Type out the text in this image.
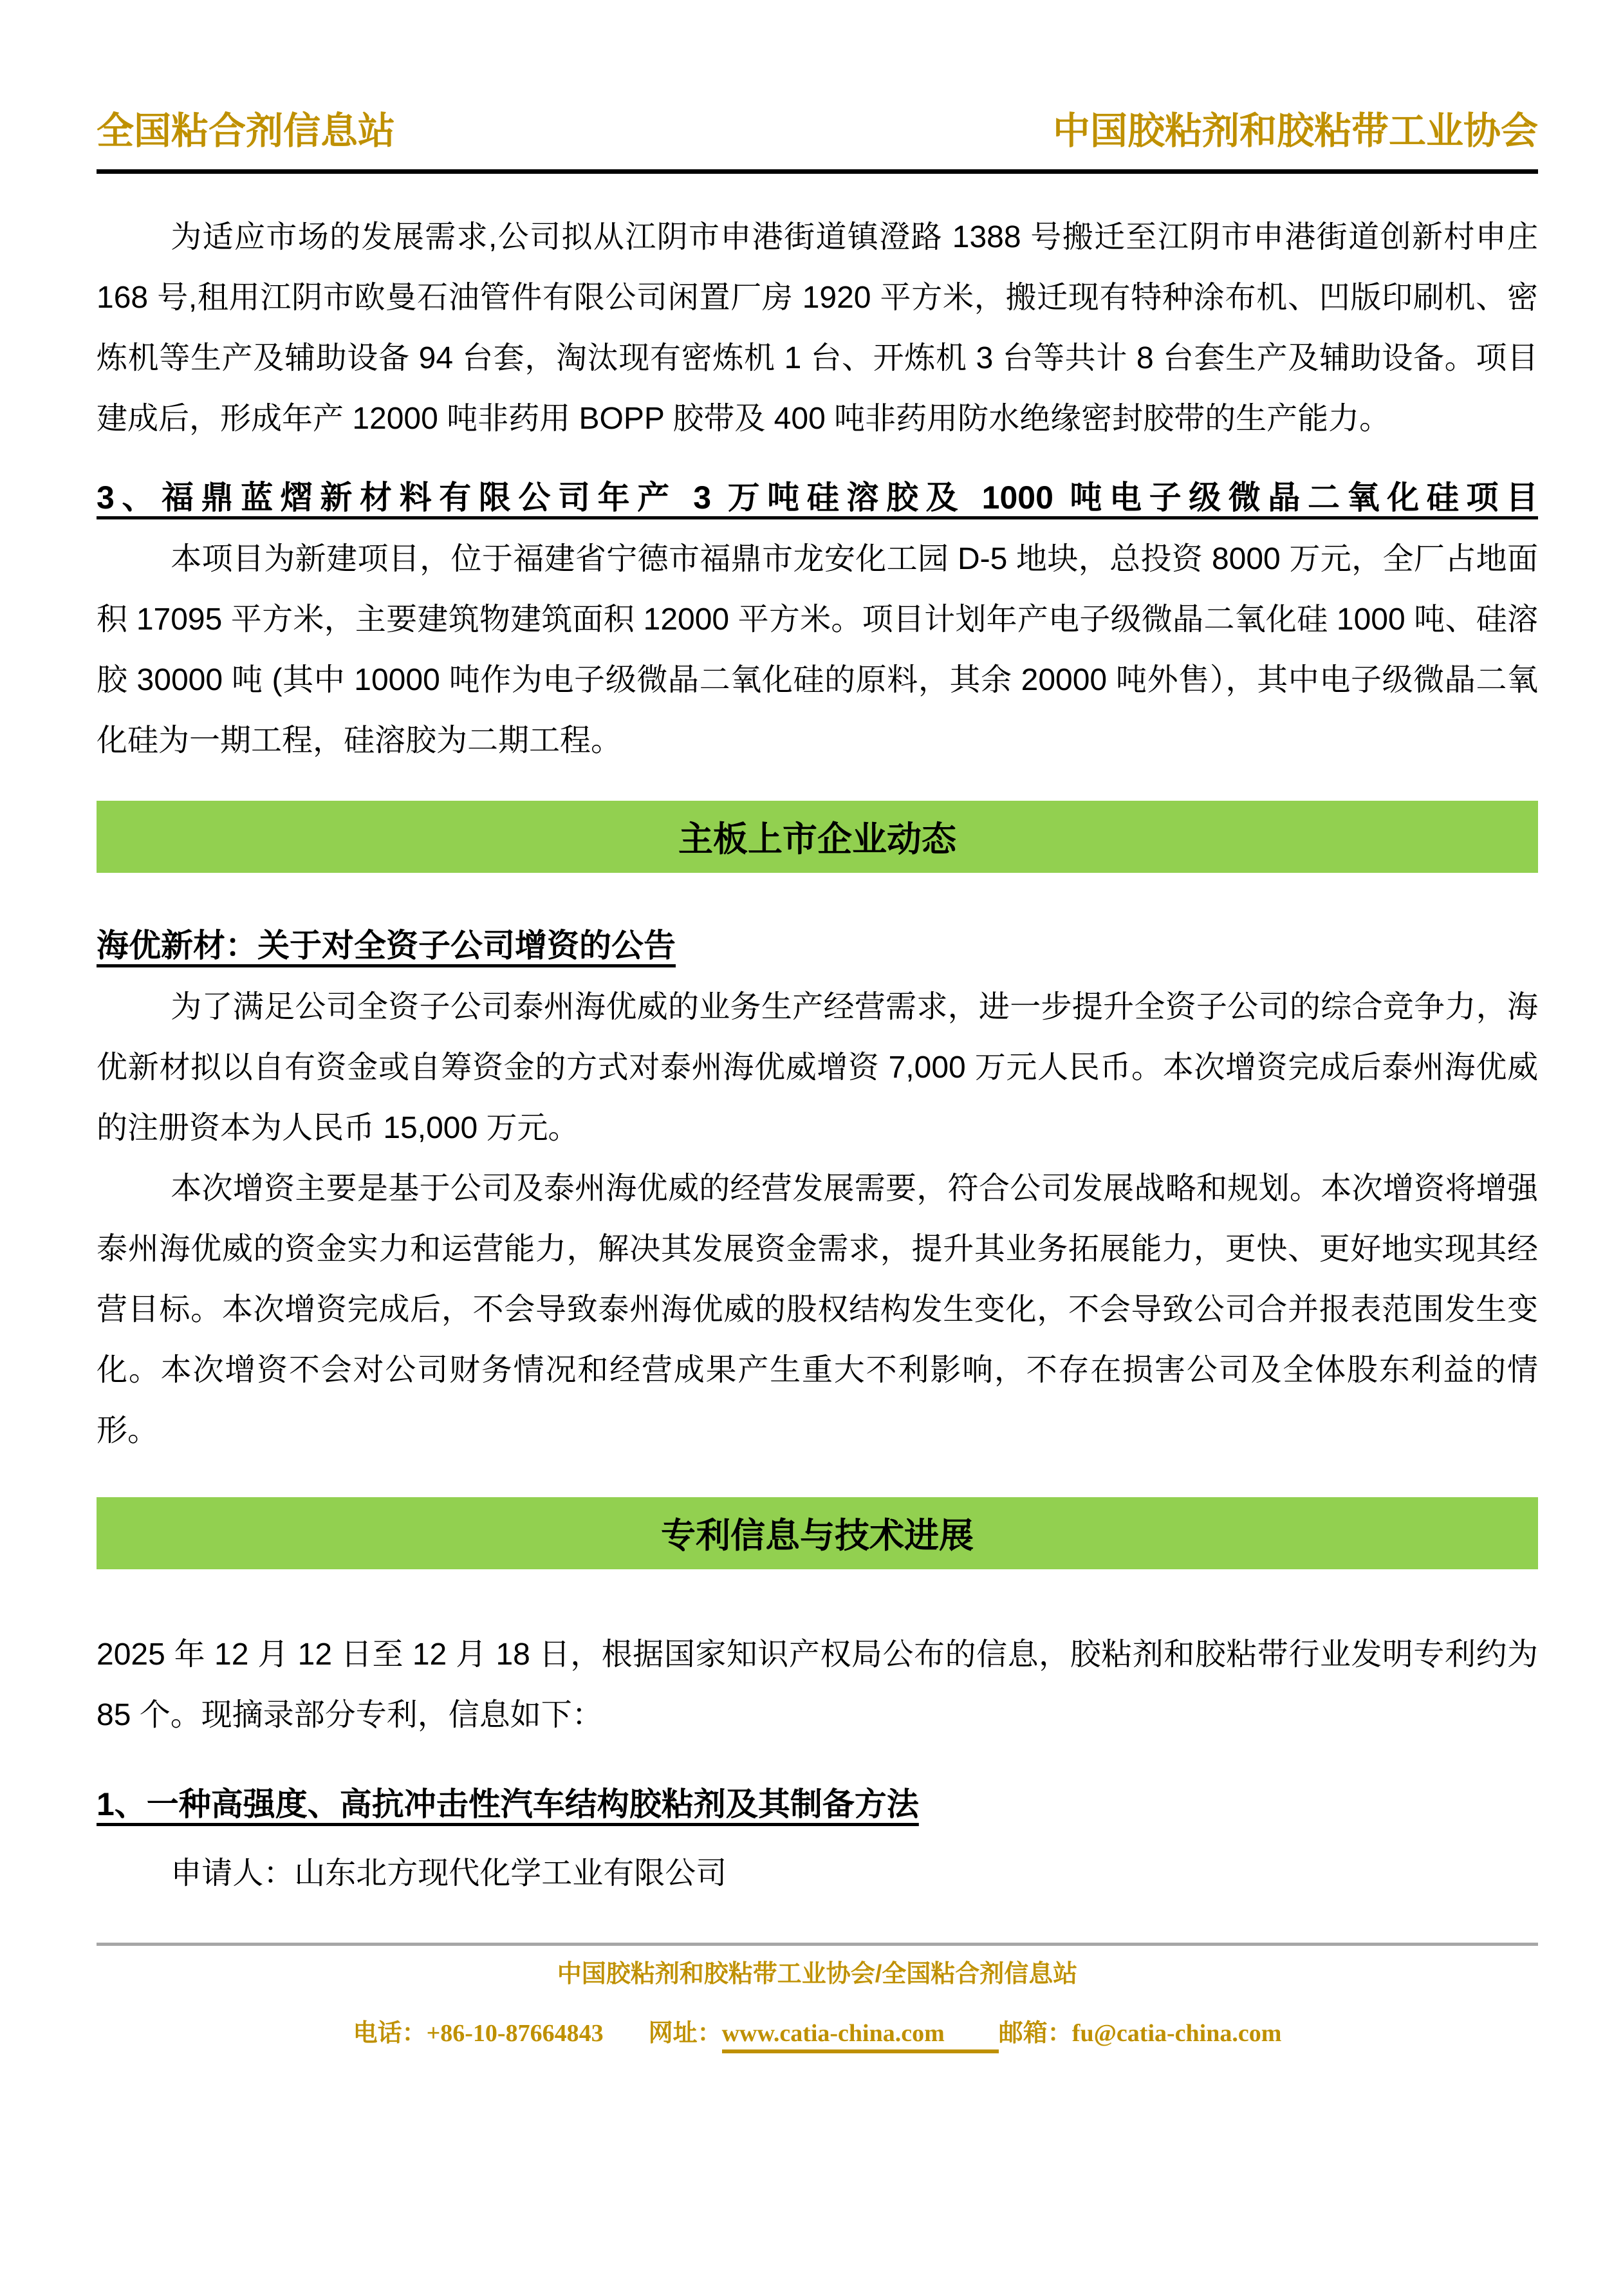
全国粘合剂信息站	中国胶粘剂和胶粘带工业协会

为适应市场的发展需求,公司拟从江阴市申港街道镇澄路 1388 号搬迁至江阴市申港街道创新村申庄 168 号,租用江阴市欧曼石油管件有限公司闲置厂房 1920 平方米，搬迁现有特种涂布机、凹版印刷机、密炼机等生产及辅助设备 94 台套，淘汰现有密炼机 1 台、开炼机 3 台等共计 8 台套生产及辅助设备。项目建成后，形成年产 12000 吨非药用 BOPP 胶带及 400 吨非药用防水绝缘密封胶带的生产能力。

3、福鼎蓝熠新材料有限公司年产 3 万吨硅溶胶及 1000 吨电子级微晶二氧化硅项目

本项目为新建项目，位于福建省宁德市福鼎市龙安化工园 D-5 地块，总投资 8000 万元，全厂占地面积 17095 平方米，主要建筑物建筑面积 12000 平方米。项目计划年产电子级微晶二氧化硅 1000 吨、硅溶胶 30000 吨 (其中 10000 吨作为电子级微晶二氧化硅的原料，其余 20000 吨外售），其中电子级微晶二氧化硅为一期工程，硅溶胶为二期工程。

主板上市企业动态

海优新材：关于对全资子公司增资的公告

为了满足公司全资子公司泰州海优威的业务生产经营需求，进一步提升全资子公司的综合竞争力，海优新材拟以自有资金或自筹资金的方式对泰州海优威增资 7,000 万元人民币。本次增资完成后泰州海优威的注册资本为人民币 15,000 万元。

本次增资主要是基于公司及泰州海优威的经营发展需要，符合公司发展战略和规划。本次增资将增强泰州海优威的资金实力和运营能力，解决其发展资金需求，提升其业务拓展能力，更快、更好地实现其经营目标。本次增资完成后，不会导致泰州海优威的股权结构发生变化，不会导致公司合并报表范围发生变化。本次增资不会对公司财务情况和经营成果产生重大不利影响，不存在损害公司及全体股东利益的情形。

专利信息与技术进展

2025 年 12 月 12 日至 12 月 18 日，根据国家知识产权局公布的信息，胶粘剂和胶粘带行业发明专利约为 85 个。现摘录部分专利，信息如下：

1、一种高强度、高抗冲击性汽车结构胶粘剂及其制备方法

申请人：山东北方现代化学工业有限公司

中国胶粘剂和胶粘带工业协会/全国粘合剂信息站
电话：+86-10-87664843 网址：www.catia-china.com 邮箱：fu@catia-china.com
